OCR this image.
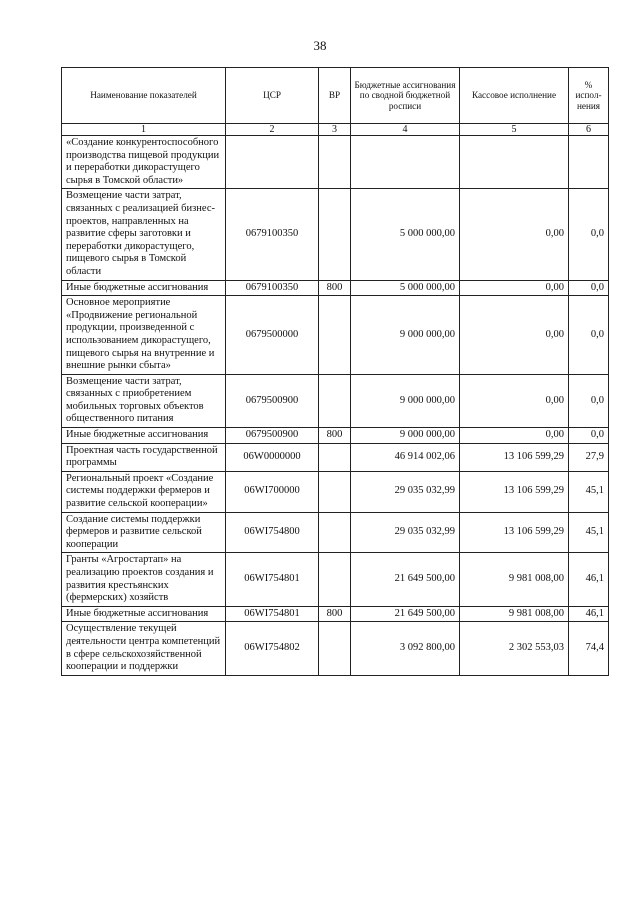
38
Наименование показателей	ЦСР	ВР	Бюджетные ассигнования по сводной бюджетной росписи	Кассовое исполнение	% испол-нения
1	2	3	4	5	6
«Создание конкурентоспособного производства пищевой продукции и переработки дикорастущего сырья в Томской области»					
Возмещение части затрат, связанных с реализацией бизнес-проектов, направленных на развитие сферы заготовки и переработки дикорастущего, пищевого сырья в Томской области	0679100350		5 000 000,00	0,00	0,0
Иные бюджетные ассигнования	0679100350	800	5 000 000,00	0,00	0,0
Основное мероприятие «Продвижение региональной продукции, произведенной с использованием дикорастущего, пищевого сырья на внутренние и внешние рынки сбыта»	0679500000		9 000 000,00	0,00	0,0
Возмещение части затрат, связанных с приобретением мобильных торговых объектов общественного питания	0679500900		9 000 000,00	0,00	0,0
Иные бюджетные ассигнования	0679500900	800	9 000 000,00	0,00	0,0
Проектная часть государственной программы	06W0000000		46 914 002,06	13 106 599,29	27,9
Региональный проект «Создание системы поддержки фермеров и развитие сельской кооперации»	06WI700000		29 035 032,99	13 106 599,29	45,1
Создание системы поддержки фермеров и развитие сельской кооперации	06WI754800		29 035 032,99	13 106 599,29	45,1
Гранты «Агростартап» на реализацию проектов создания и развития крестьянских (фермерских) хозяйств	06WI754801		21 649 500,00	9 981 008,00	46,1
Иные бюджетные ассигнования	06WI754801	800	21 649 500,00	9 981 008,00	46,1
Осуществление текущей деятельности центра компетенций в сфере сельскохозяйственной кооперации и поддержки	06WI754802		3 092 800,00	2 302 553,03	74,4
